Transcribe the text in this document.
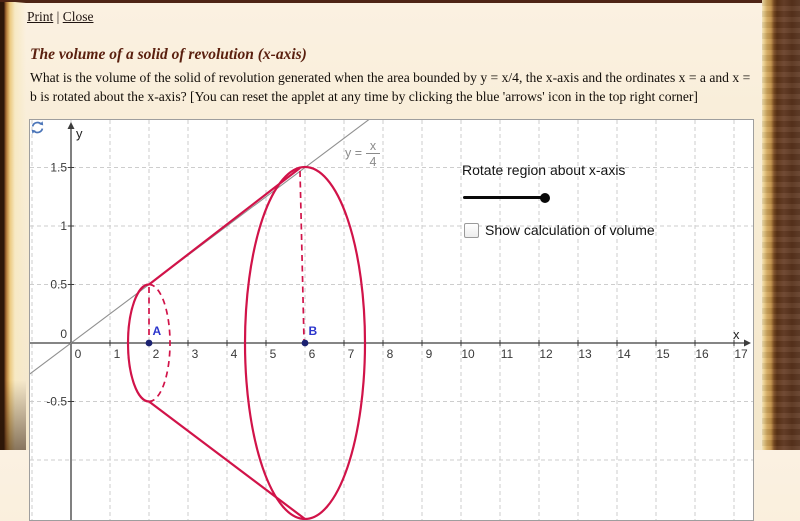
Print | Close
The volume of a solid of revolution (x-axis)
What is the volume of the solid of revolution generated when the area bounded by y = x/4, the x-axis and the ordinates x = a and x =
b is rotated about the x-axis? [You can reset the applet at any time by clicking the blue 'arrows' icon in the top right corner]
y = x
4
y
x
0	1	2	3	4	5	6	7	8	9 10 11 12 13 14 15 16 17
-0.5
0
0.5
1
1.5
A	B
Rotate region about x-axis
Show calculation of volume
